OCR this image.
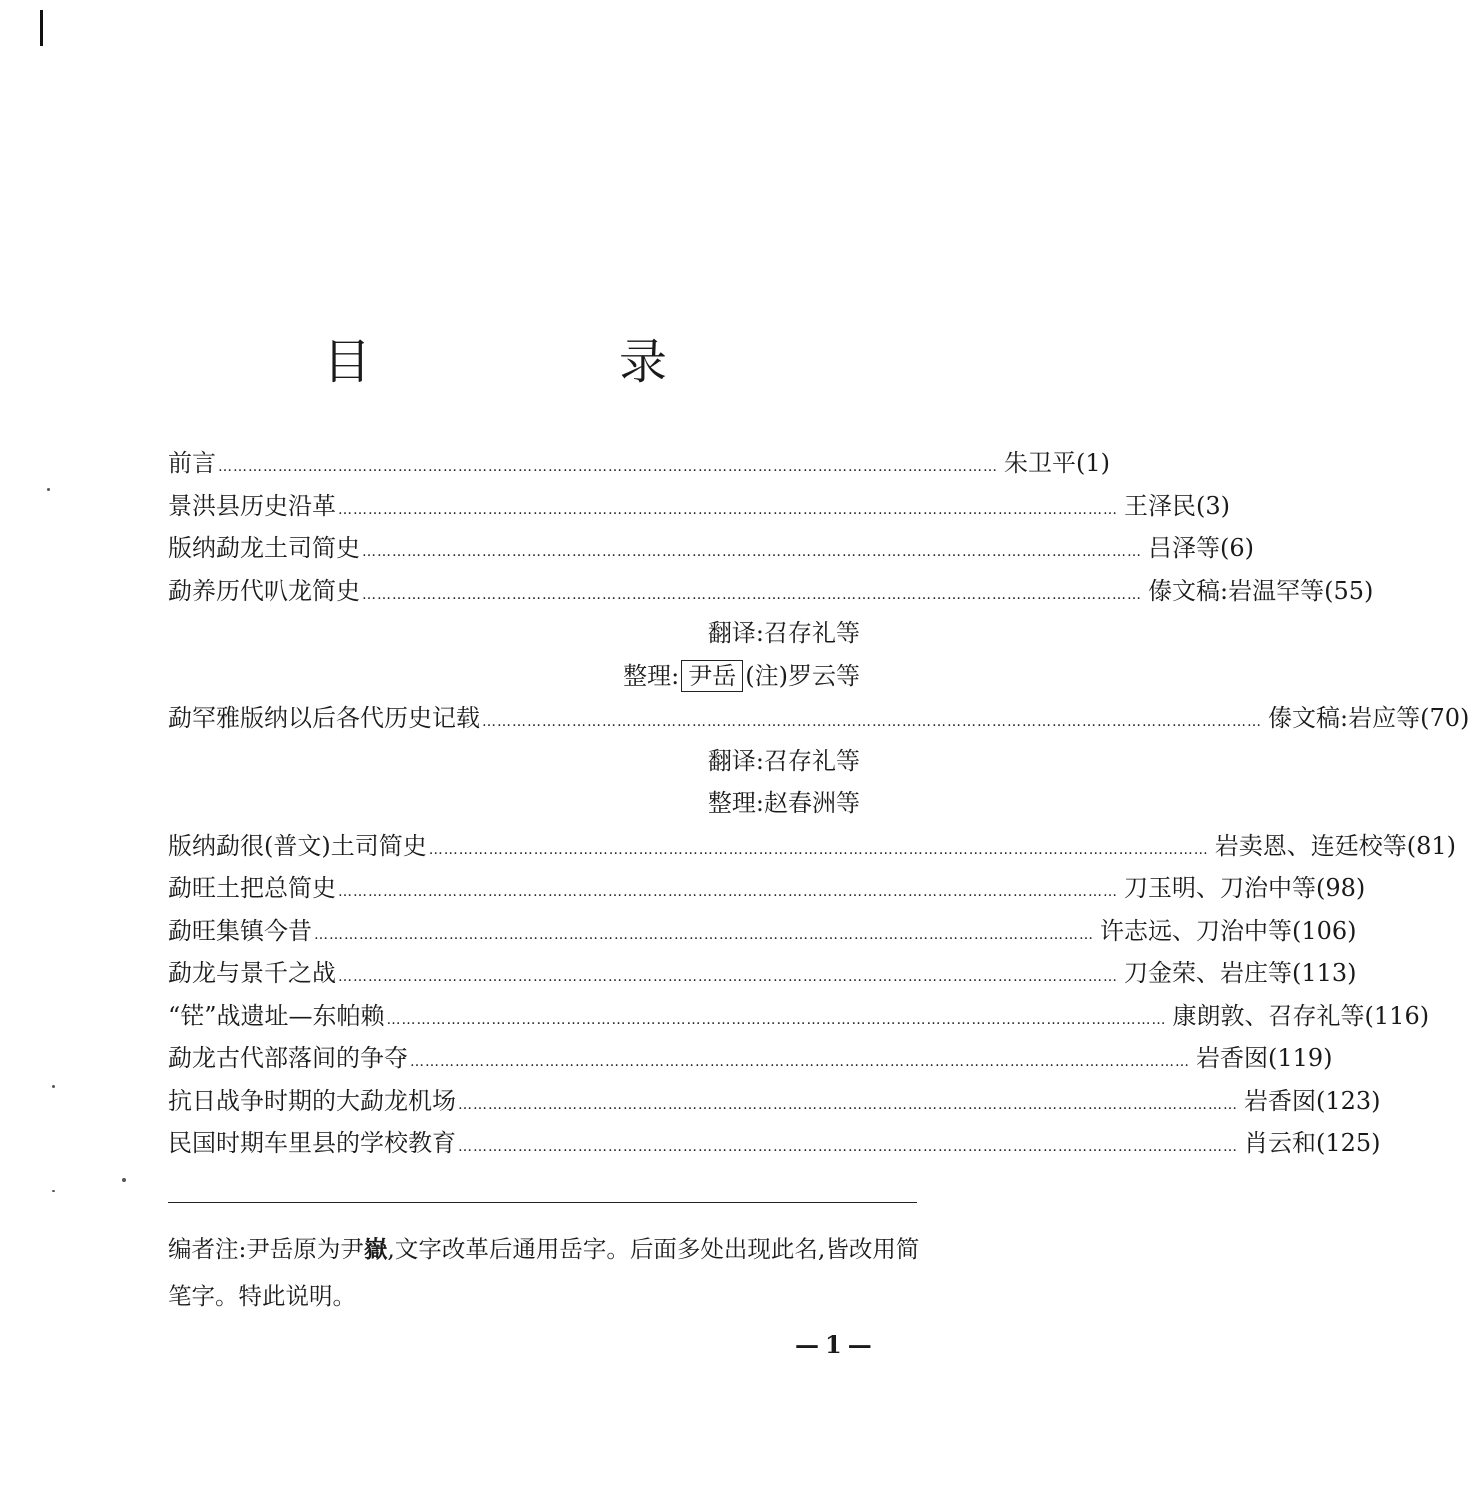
目　录
前言 ………………………………………………………………………………………………………………………………………… 朱卫平(1)
景洪县历史沿革 ………………………………………………………………………………………………………………………………………… 王泽民(3)
版纳勐龙土司简史 ………………………………………………………………………………………………………………………………………… 吕泽等(6)
勐养历代叭龙简史 ………………………………………………………………………………………………………………………………………… 傣文稿:岩温罕等(55)
翻译:召存礼等
整理: 尹岳 (注)罗云等
勐罕雅版纳以后各代历史记载 ………………………………………………………………………………………………………………………………………… 傣文稿:岩应等(70)
翻译:召存礼等
整理:赵春洲等
版纳勐很(普文)土司简史 ………………………………………………………………………………………………………………………………………… 岩卖恩、连廷校等(81)
勐旺土把总简史 ………………………………………………………………………………………………………………………………………… 刀玉明、刀治中等(98)
勐旺集镇今昔 ………………………………………………………………………………………………………………………………………… 许志远、刀治中等(106)
勐龙与景千之战 ………………………………………………………………………………………………………………………………………… 刀金荣、岩庄等(113)
“铓”战遗址—东帕赖 ………………………………………………………………………………………………………………………………………… 康朗敦、召存礼等(116)
勐龙古代部落间的争夺 ………………………………………………………………………………………………………………………………………… 岩香囡(119)
抗日战争时期的大勐龙机场 ………………………………………………………………………………………………………………………………………… 岩香囡(123)
民国时期车里县的学校教育 ………………………………………………………………………………………………………………………………………… 肖云和(125)
编者注:尹岳原为尹嶽,文字改革后通用岳字。后面多处出现此名,皆改用简笔字。特此说明。
—1—
